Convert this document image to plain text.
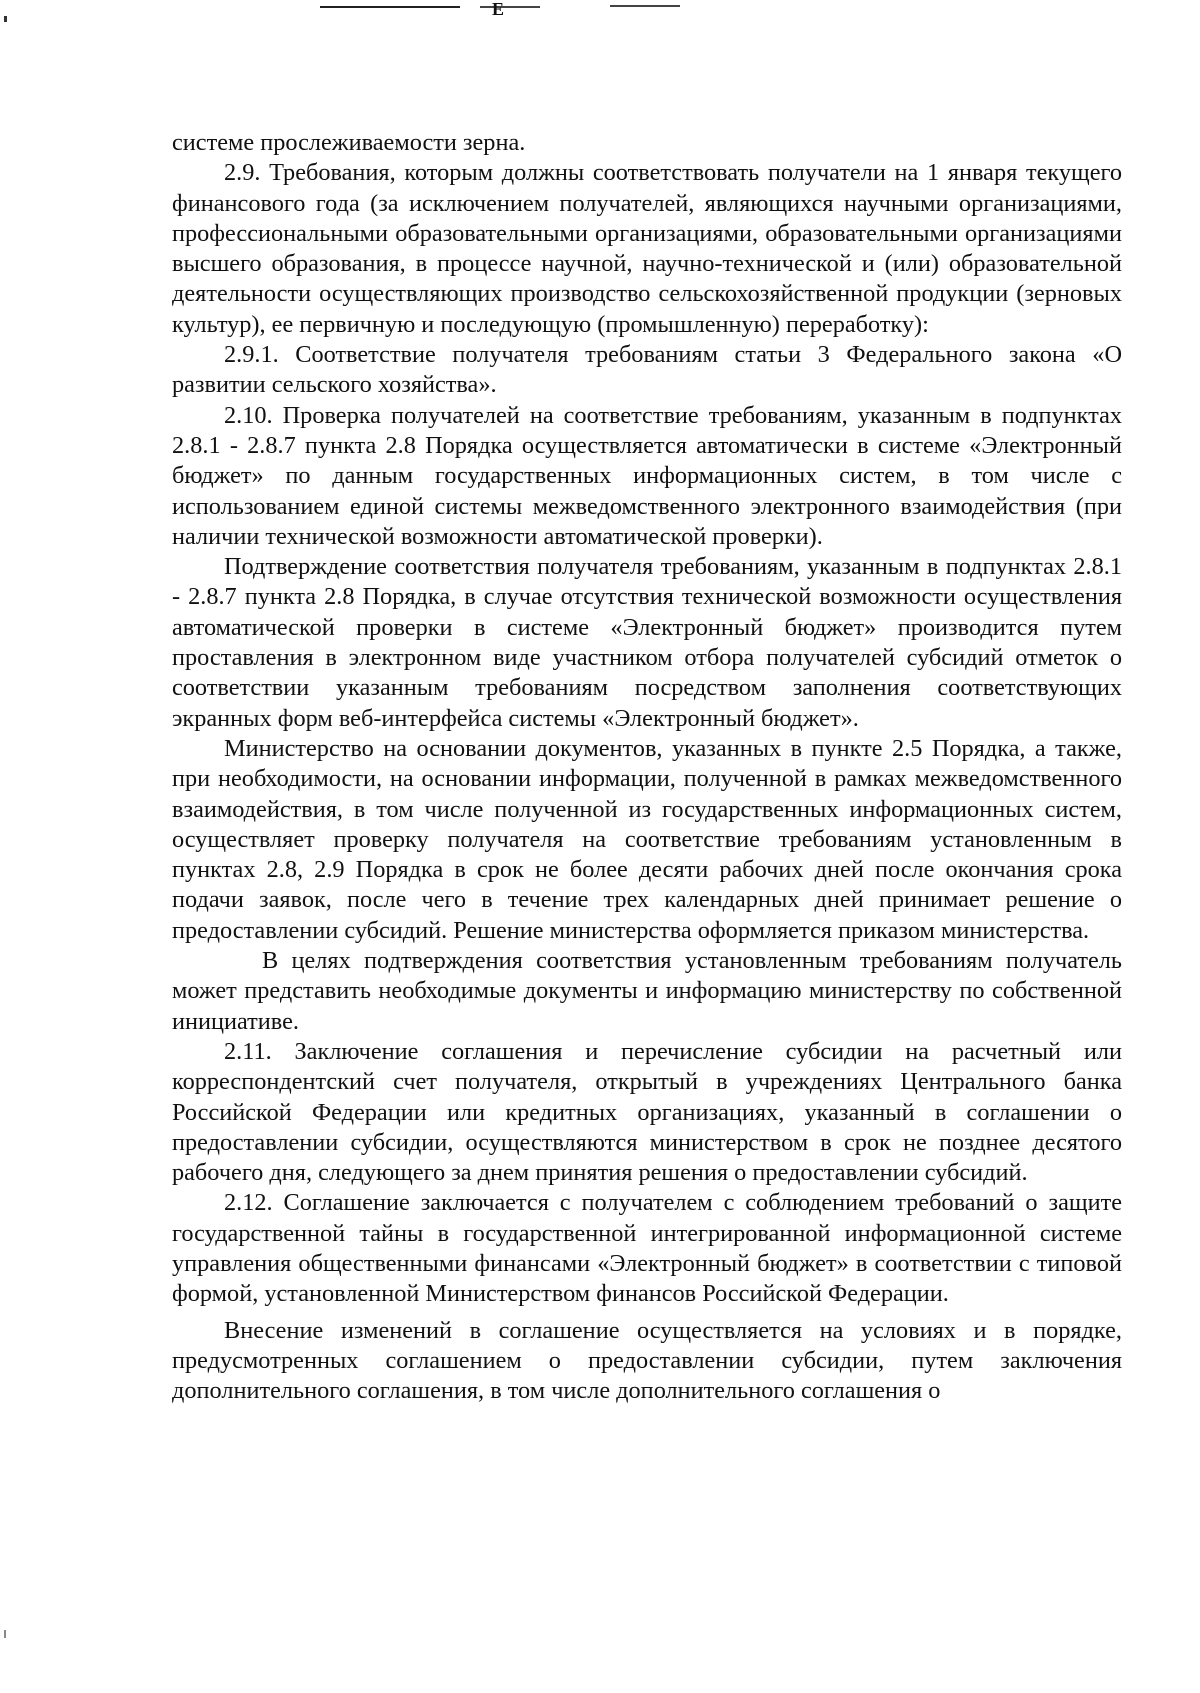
Е

системе прослеживаемости зерна.

2.9. Требования, которым должны соответствовать получатели на 1 января текущего финансового года (за исключением получателей, являющихся научными организациями, профессиональными образовательными организациями, образовательными организациями высшего образования, в процессе научной, научно-технической и (или) образовательной деятельности осуществляющих производство сельскохозяйственной продукции (зерновых культур), ее первичную и последующую (промышленную) переработку):

2.9.1. Соответствие получателя требованиям статьи 3 Федерального закона «О развитии сельского хозяйства».

2.10. Проверка получателей на соответствие требованиям, указанным в подпунктах 2.8.1 - 2.8.7 пункта 2.8 Порядка осуществляется автоматически в системе «Электронный бюджет» по данным государственных информационных систем, в том числе с использованием единой системы межведомственного электронного взаимодействия (при наличии технической возможности автоматической проверки).

Подтверждение соответствия получателя требованиям, указанным в подпунктах 2.8.1 - 2.8.7 пункта 2.8 Порядка, в случае отсутствия технической возможности осуществления автоматической проверки в системе «Электронный бюджет» производится путем проставления в электронном виде участником отбора получателей субсидий отметок о соответствии указанным требованиям посредством заполнения соответствующих экранных форм веб-интерфейса системы «Электронный бюджет».

Министерство на основании документов, указанных в пункте 2.5 Порядка, а также, при необходимости, на основании информации, полученной в рамках межведомственного взаимодействия, в том числе полученной из государственных информационных систем, осуществляет проверку получателя на соответствие требованиям установленным в пунктах 2.8, 2.9 Порядка в срок не более десяти рабочих дней после окончания срока подачи заявок, после чего в течение трех календарных дней принимает решение о предоставлении субсидий. Решение министерства оформляется приказом министерства.

В целях подтверждения соответствия установленным требованиям получатель может представить необходимые документы и информацию министерству по собственной инициативе.

2.11. Заключение соглашения и перечисление субсидии на расчетный или корреспондентский счет получателя, открытый в учреждениях Центрального банка Российской Федерации или кредитных организациях, указанный в соглашении о предоставлении субсидии, осуществляются министерством в срок не позднее десятого рабочего дня, следующего за днем принятия решения о предоставлении субсидий.

2.12. Соглашение заключается с получателем с соблюдением требований о защите государственной тайны в государственной интегрированной информационной системе управления общественными финансами «Электронный бюджет» в соответствии с типовой формой, установленной Министерством финансов Российской Федерации.

Внесение изменений в соглашение осуществляется на условиях и в порядке, предусмотренных соглашением о предоставлении субсидии, путем заключения дополнительного соглашения, в том числе дополнительного соглашения о
